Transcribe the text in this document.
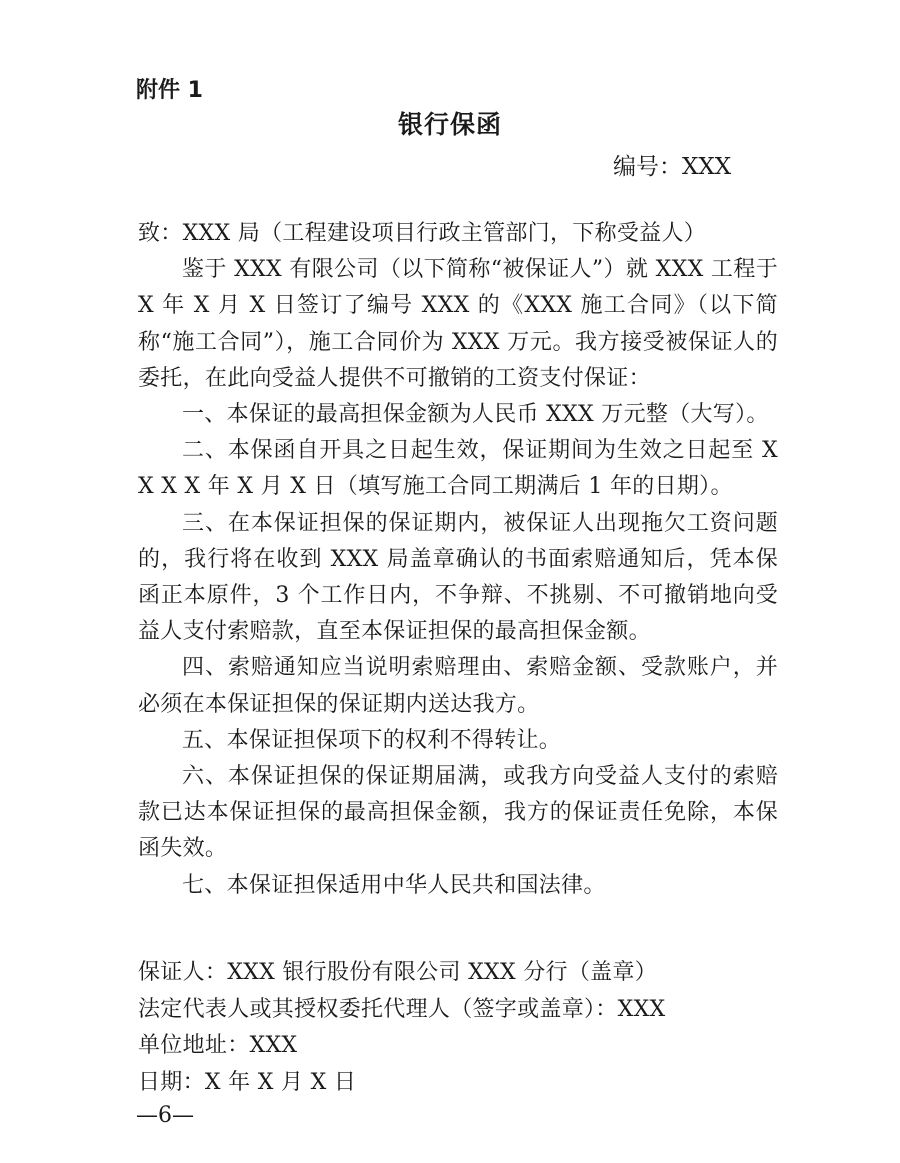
附件 1
银行保函
编号：XXX

致：XXX 局（工程建设项目行政主管部门，下称受益人）

鉴于 XXX 有限公司（以下简称“被保证人”）就 XXX 工程于 X 年 X 月 X 日签订了编号 XXX 的《XXX 施工合同》（以下简称“施工合同”），施工合同价为 XXX 万元。我方接受被保证人的委托，在此向受益人提供不可撤销的工资支付保证：

一、本保证的最高担保金额为人民币 XXX 万元整（大写）。

二、本保函自开具之日起生效，保证期间为生效之日起至 X X X X 年 X 月 X 日（填写施工合同工期满后 1 年的日期）。

三、在本保证担保的保证期内，被保证人出现拖欠工资问题的，我行将在收到 XXX 局盖章确认的书面索赔通知后，凭本保函正本原件，3 个工作日内，不争辩、不挑剔、不可撤销地向受益人支付索赔款，直至本保证担保的最高担保金额。

四、索赔通知应当说明索赔理由、索赔金额、受款账户，并必须在本保证担保的保证期内送达我方。

五、本保证担保项下的权利不得转让。

六、本保证担保的保证期届满，或我方向受益人支付的索赔款已达本保证担保的最高担保金额，我方的保证责任免除，本保函失效。

七、本保证担保适用中华人民共和国法律。

保证人：XXX 银行股份有限公司 XXX 分行（盖章）

法定代表人或其授权委托代理人（签字或盖章）：XXX

单位地址：XXX

日期：X 年 X 月 X 日

—6—
